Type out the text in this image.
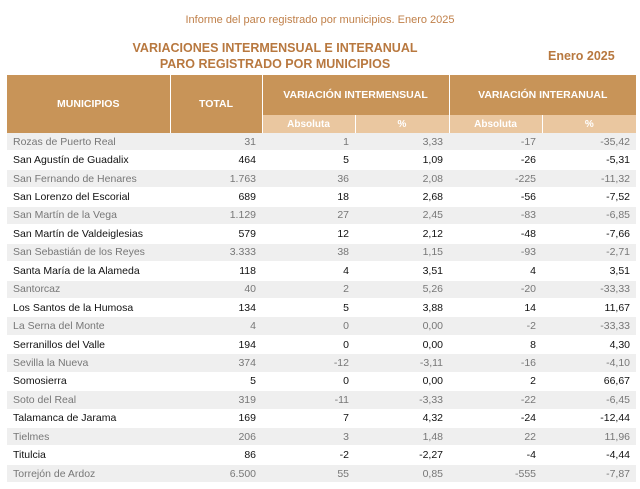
Informe del paro registrado por municipios. Enero 2025
VARIACIONES INTERMENSUAL E INTERANUAL
PARO REGISTRADO POR MUNICIPIOS
Enero 2025
MUNICIPIOS	TOTAL	VARIACIÓN INTERMENSUAL		VARIACIÓN INTERANUAL	
		Absoluta	%	Absoluta	%
Rozas de Puerto Real	31	1	3,33	-17	-35,42
San Agustín de Guadalix	464	5	1,09	-26	-5,31
San Fernando de Henares	1.763	36	2,08	-225	-11,32
San Lorenzo del Escorial	689	18	2,68	-56	-7,52
San Martín de la Vega	1.129	27	2,45	-83	-6,85
San Martín de Valdeiglesias	579	12	2,12	-48	-7,66
San Sebastián de los Reyes	3.333	38	1,15	-93	-2,71
Santa María de la Alameda	118	4	3,51	4	3,51
Santorcaz	40	2	5,26	-20	-33,33
Los Santos de la Humosa	134	5	3,88	14	11,67
La Serna del Monte	4	0	0,00	-2	-33,33
Serranillos del Valle	194	0	0,00	8	4,30
Sevilla la Nueva	374	-12	-3,11	-16	-4,10
Somosierra	5	0	0,00	2	66,67
Soto del Real	319	-11	-3,33	-22	-6,45
Talamanca de Jarama	169	7	4,32	-24	-12,44
Tielmes	206	3	1,48	22	11,96
Titulcia	86	-2	-2,27	-4	-4,44
Torrejón de Ardoz	6.500	55	0,85	-555	-7,87
